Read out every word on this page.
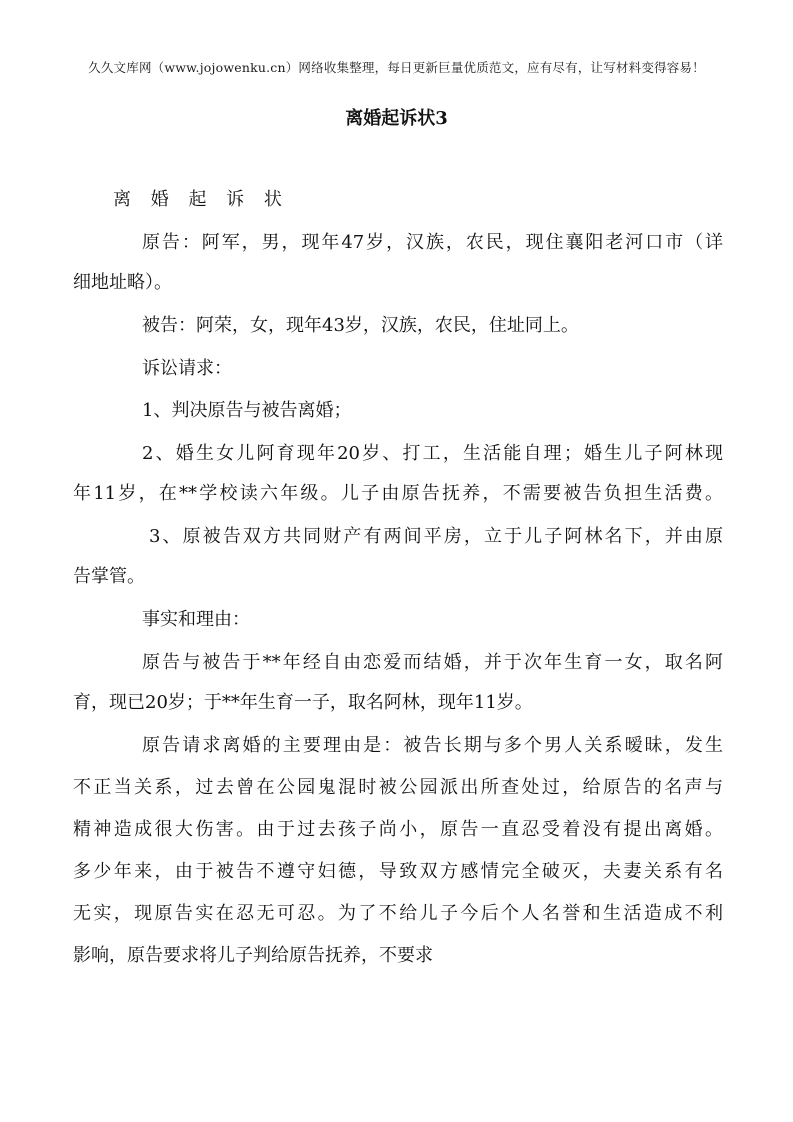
久久文库网（www.jojowenku.cn）网络收集整理，每日更新巨量优质范文，应有尽有，让写材料变得容易！
离婚起诉状3
离 婚 起 诉 状
原告：阿军，男，现年47岁，汉族，农民，现住襄阳老河口市（详
细地址略）。
被告：阿荣，女，现年43岁，汉族，农民，住址同上。
诉讼请求：
1、判决原告与被告离婚；
2、婚生女儿阿育现年20岁、打工，生活能自理；婚生儿子阿林现
年11岁，在**学校读六年级。儿子由原告抚养，不需要被告负担生活费。
3、原被告双方共同财产有两间平房，立于儿子阿林名下，并由原
告掌管。
事实和理由：
原告与被告于**年经自由恋爱而结婚，并于次年生育一女，取名阿
育，现已20岁；于**年生育一子，取名阿林，现年11岁。
原告请求离婚的主要理由是：被告长期与多个男人关系暧昧，发生
不正当关系，过去曾在公园鬼混时被公园派出所查处过，给原告的名声与
精神造成很大伤害。由于过去孩子尚小，原告一直忍受着没有提出离婚。
多少年来，由于被告不遵守妇德，导致双方感情完全破灭，夫妻关系有名
无实，现原告实在忍无可忍。为了不给儿子今后个人名誉和生活造成不利
影响，原告要求将儿子判给原告抚养，不要求
